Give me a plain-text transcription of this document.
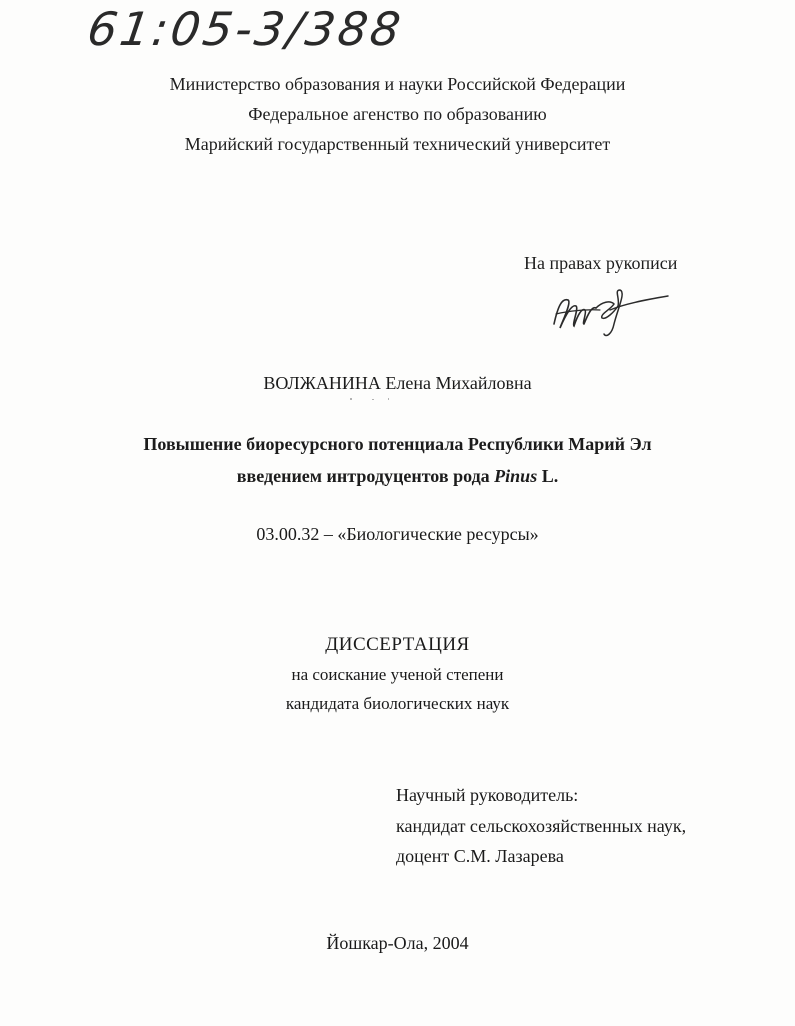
61:05-3/388

Министерство образования и науки Российской Федерации

Федеральное агенство по образованию

Марийский государственный технический университет

На правах рукописи

ВОЛЖАНИНА Елена Михайловна

Повышение биоресурсного потенциала Республики Марий Эл

введением интродуцентов рода Pinus L.

03.00.32 – «Биологические ресурсы»

ДИССЕРТАЦИЯ

на соискание ученой степени

кандидата биологических наук

Научный руководитель:

кандидат сельскохозяйственных наук,

доцент С.М. Лазарева

Йошкар-Ола, 2004
